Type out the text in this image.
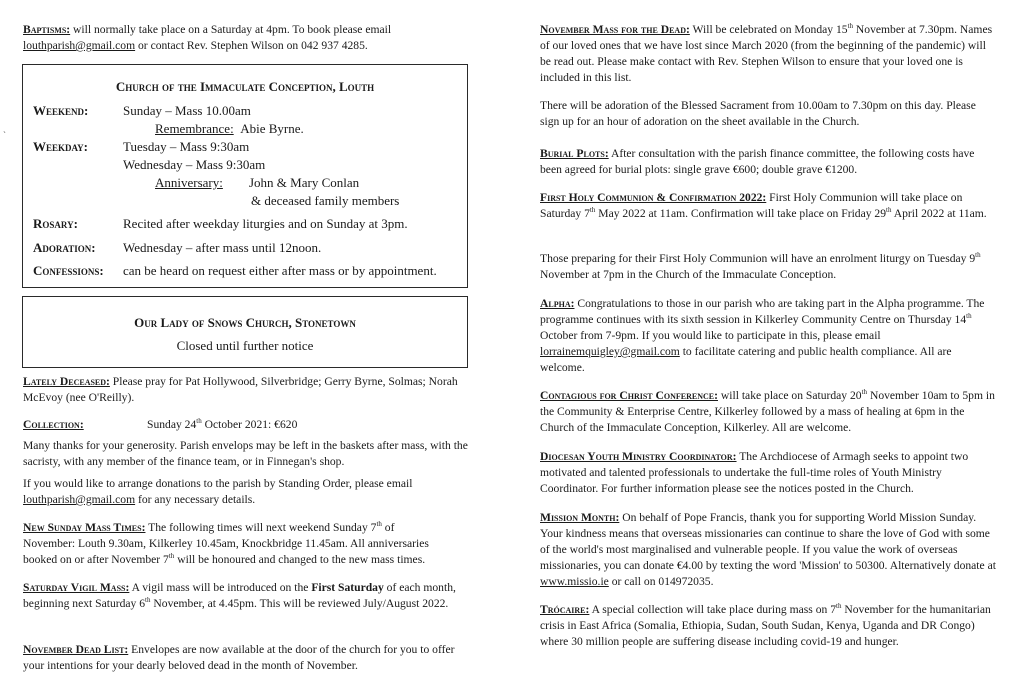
Baptisms: will normally take place on a Saturday at 4pm. To book please email
louthparish@gmail.com or contact Rev. Stephen Wilson on 042 937 4285.

`
Church of the Immaculate Conception, Louth
Weekend:	Sunday – Mass 10.00am
Remembrance: Abie Byrne.
Weekday:	Tuesday – Mass 9:30am
Wednesday – Mass 9:30am
Anniversary: John & Mary Conlan
& deceased family members
Rosary:	Recited after weekday liturgies and on Sunday at 3pm.
Adoration: Wednesday – after mass until 12noon.
Confessions: can be heard on request either after mass or by appointment.
Our Lady of Snows Church, Stonetown
Closed until further notice

Lately Deceased: Please pray for Pat Hollywood, Silverbridge; Gerry Byrne, Solmas; Norah McEvoy (nee O'Reilly).

Collection:	Sunday 24th October 2021: €620

Many thanks for your generosity. Parish envelops may be left in the baskets after mass, with the sacristy, with any member of the finance team, or in Finnegan's shop.

If you would like to arrange donations to the parish by Standing Order, please email
louthparish@gmail.com for any necessary details.

New Sunday Mass Times: The following times will next weekend Sunday 7th of November: Louth 9.30am, Kilkerley 10.45am, Knockbridge 11.45am. All anniversaries booked on or after November 7th will be honoured and changed to the new mass times.

Saturday Vigil Mass: A vigil mass will be introduced on the First Saturday of each month, beginning next Saturday 6th November, at 4.45pm. This will be reviewed July/August 2022.

November Dead List: Envelopes are now available at the door of the church for you to offer your intentions for your dearly beloved dead in the month of November.

November Mass for the Dead: Will be celebrated on Monday 15th November at 7.30pm. Names of our loved ones that we have lost since March 2020 (from the beginning of the pandemic) will be read out. Please make contact with Rev. Stephen Wilson to ensure that your loved one is included in this list.

There will be adoration of the Blessed Sacrament from 10.00am to 7.30pm on this day. Please sign up for an hour of adoration on the sheet available in the Church.

Burial Plots: After consultation with the parish finance committee, the following costs have been agreed for burial plots: single grave €600; double grave €1200.

First Holy Communion & Confirmation 2022: First Holy Communion will take place on Saturday 7th May 2022 at 11am. Confirmation will take place on Friday 29th April 2022 at 11am.

Those preparing for their First Holy Communion will have an enrolment liturgy on Tuesday 9th November at 7pm in the Church of the Immaculate Conception.

Alpha: Congratulations to those in our parish who are taking part in the Alpha programme. The programme continues with its sixth session in Kilkerley Community Centre on Thursday 14th October from 7-9pm. If you would like to participate in this, please email lorrainemquigley@gmail.com to facilitate catering and public health compliance. All are welcome.

Contagious for Christ Conference: will take place on Saturday 20th November 10am to 5pm in the Community & Enterprise Centre, Kilkerley followed by a mass of healing at 6pm in the Church of the Immaculate Conception, Kilkerley. All are welcome.

Diocesan Youth Ministry Coordinator: The Archdiocese of Armagh seeks to appoint two motivated and talented professionals to undertake the full-time roles of Youth Ministry Coordinator. For further information please see the notices posted in the Church.

Mission Month: On behalf of Pope Francis, thank you for supporting World Mission Sunday. Your kindness means that overseas missionaries can continue to share the love of God with some of the world's most marginalised and vulnerable people. If you value the work of overseas missionaries, you can donate €4.00 by texting the word 'Mission' to 50300. Alternatively donate at www.missio.ie or call on 014972035.

Trócaire: A special collection will take place during mass on 7th November for the humanitarian crisis in East Africa (Somalia, Ethiopia, Sudan, South Sudan, Kenya, Uganda and DR Congo) where 30 million people are suffering disease including covid-19 and hunger.
